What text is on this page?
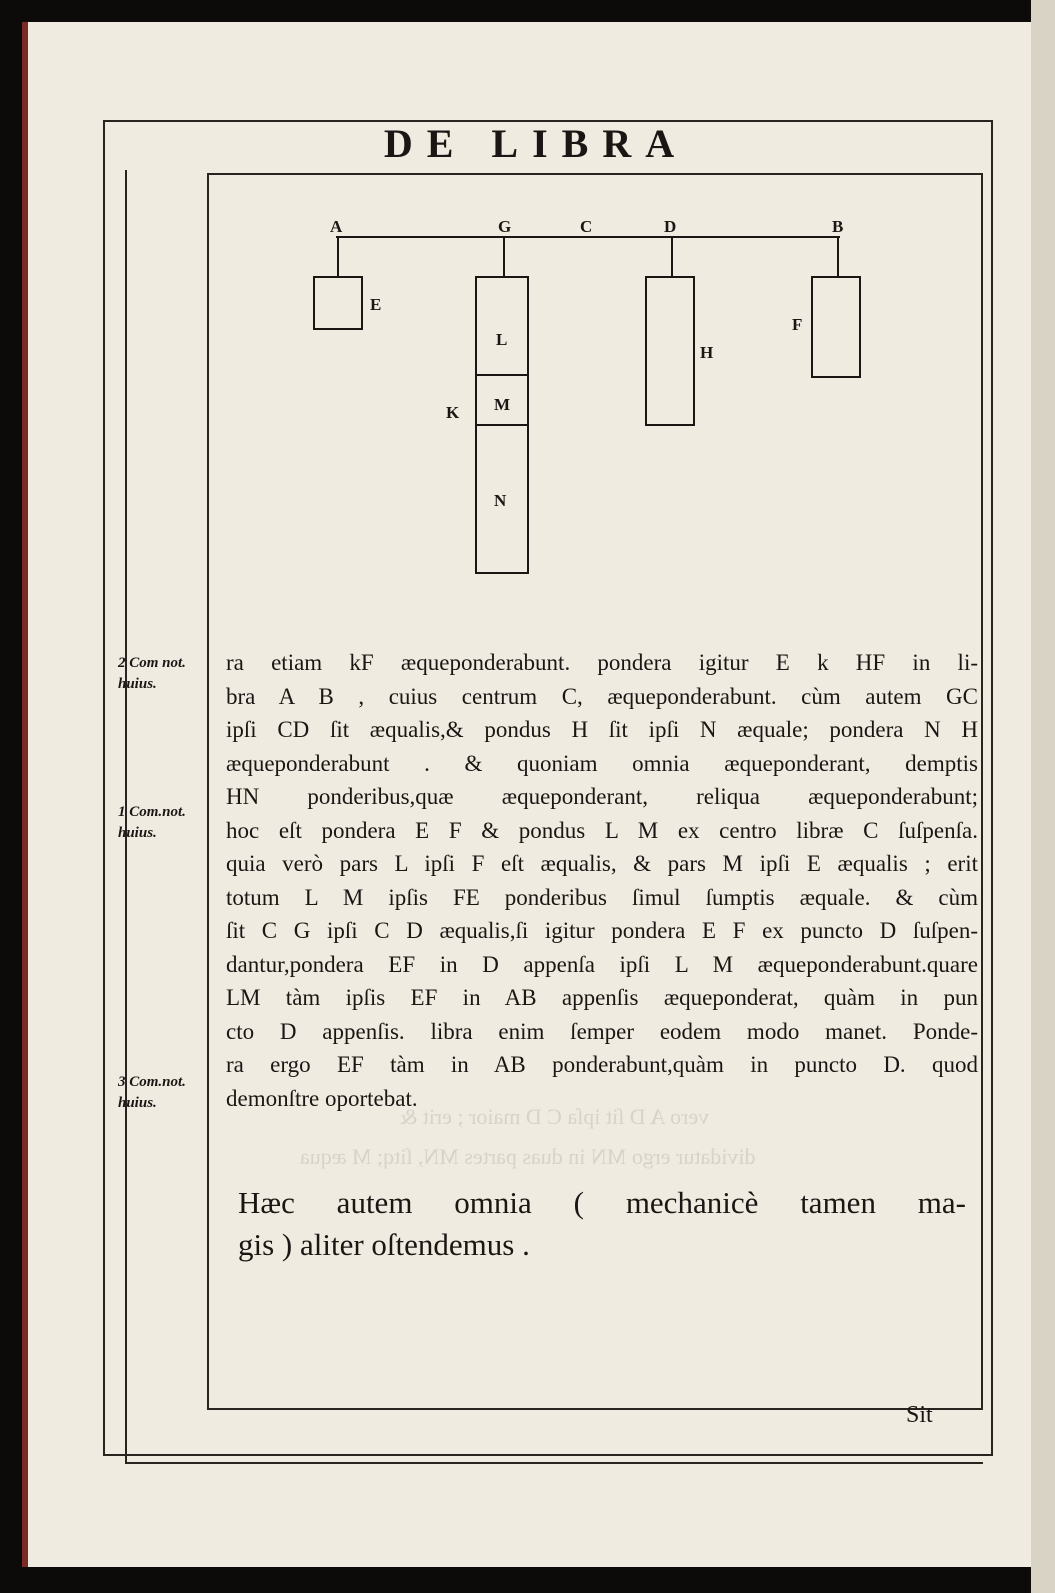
vero A D ſit ipſa C D maior ; erit &
dividatur ergo MN in duas partes MN, ſitq; M æqua
DE LIBRA
A	G	C	D	B
E
L
M
N
K
H
F
2 Com not.
huius.
1 Com.not.
huius.
3 Com.not.
huius.
ra etiam kF æqueponderabunt. pondera igitur E k HF in li-
bra A B , cuius centrum C, æqueponderabunt. cùm autem GC
ipſi CD ſit æqualis,& pondus H ſit ipſi N æquale; pondera N H
æqueponderabunt . & quoniam omnia æqueponderant, demptis
HN ponderibus,quæ æqueponderant, reliqua æqueponderabunt;
hoc eſt pondera E F & pondus L M ex centro libræ C ſuſpenſa.
quia verò pars L ipſi F eſt æqualis, & pars M ipſi E æqualis ; erit
totum L M ipſis FE ponderibus ſimul ſumptis æquale. & cùm
ſit C G ipſi C D æqualis,ſi igitur pondera E F ex puncto D ſuſpen-
dantur,pondera EF in D appenſa ipſi L M æqueponderabunt.quare
LM tàm ipſis EF in AB appenſis æqueponderat, quàm in pun
cto D appenſis. libra enim ſemper eodem modo manet. Ponde-
ra ergo EF tàm in AB ponderabunt,quàm in puncto D. quod
demonſtre oportebat.
Hæc autem omnia ( mechanicè tamen ma-
gis ) aliter oſtendemus .
Sit
